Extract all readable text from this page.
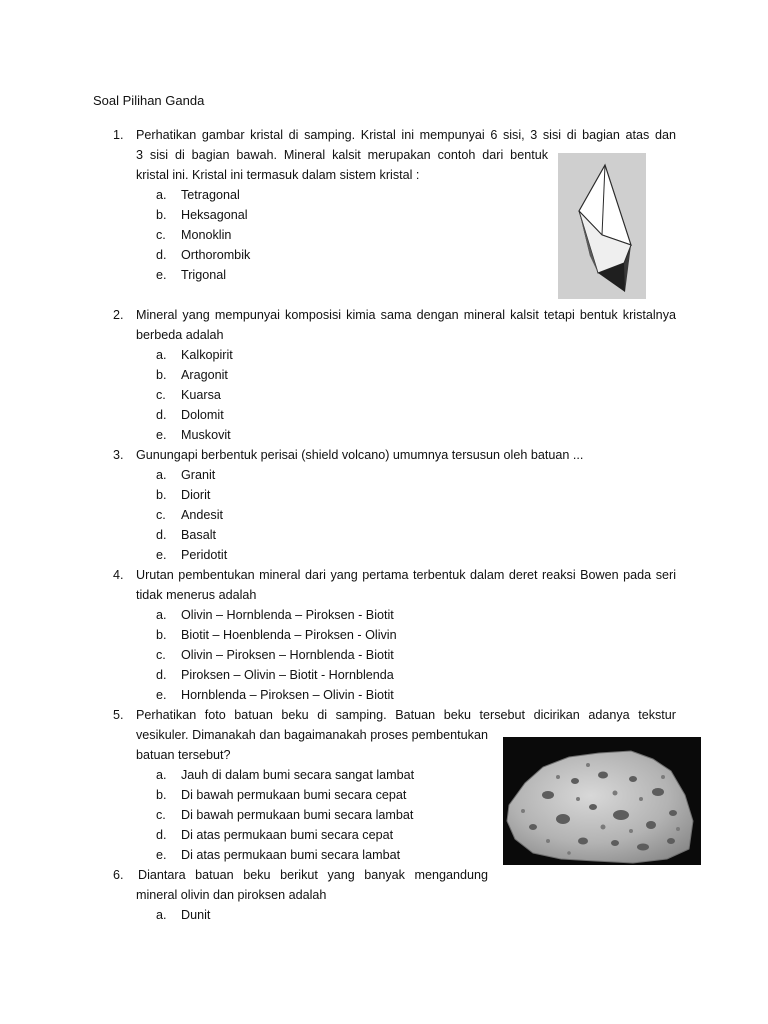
Soal Pilihan Ganda
1. Perhatikan gambar kristal di samping. Kristal ini mempunyai 6 sisi, 3 sisi di bagian atas dan
3 sisi di bagian bawah. Mineral kalsit merupakan contoh dari bentuk
kristal ini. Kristal ini termasuk dalam sistem kristal :
a. Tetragonal
b. Heksagonal
c. Monoklin
d. Orthorombik
e. Trigonal
2. Mineral yang mempunyai komposisi kimia sama dengan mineral kalsit tetapi bentuk kristalnya
berbeda adalah
a. Kalkopirit
b. Aragonit
c. Kuarsa
d. Dolomit
e. Muskovit
3. Gunungapi berbentuk perisai (shield volcano) umumnya tersusun oleh batuan ...
a. Granit
b. Diorit
c. Andesit
d. Basalt
e. Peridotit
4. Urutan pembentukan mineral dari yang pertama terbentuk dalam deret reaksi Bowen pada seri
tidak menerus adalah
a. Olivin – Hornblenda – Piroksen - Biotit
b. Biotit – Hoenblenda – Piroksen - Olivin
c. Olivin – Piroksen – Hornblenda - Biotit
d. Piroksen – Olivin – Biotit - Hornblenda
e. Hornblenda – Piroksen – Olivin - Biotit
5. Perhatikan foto batuan beku di samping. Batuan beku tersebut dicirikan adanya tekstur
vesikuler. Dimanakah dan bagaimanakah proses pembentukan
batuan tersebut?
a. Jauh di dalam bumi secara sangat lambat
b. Di bawah permukaan bumi secara cepat
c. Di bawah permukaan bumi secara lambat
d. Di atas permukaan bumi secara cepat
e. Di atas permukaan bumi secara lambat
6.	Diantara batuan beku berikut yang banyak mengandung
mineral olivin dan piroksen adalah
a. Dunit
